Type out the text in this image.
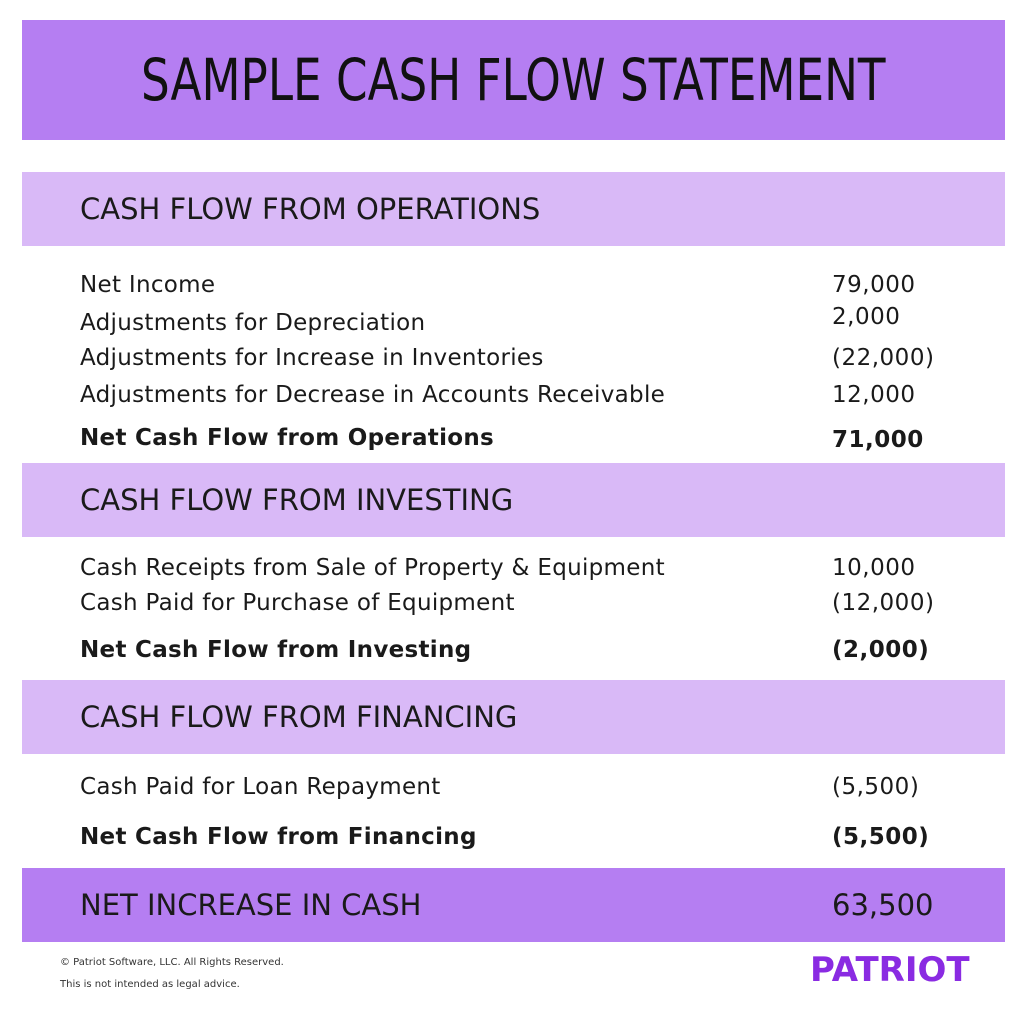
SAMPLE CASH FLOW STATEMENT
CASH FLOW FROM OPERATIONS
Net Income	79,000
Adjustments for Depreciation	2,000
Adjustments for Increase in Inventories	(22,000)
Adjustments for Decrease in Accounts Receivable	12,000
Net Cash Flow from Operations	71,000
CASH FLOW FROM INVESTING
Cash Receipts from Sale of Property & Equipment	10,000
Cash Paid for Purchase of Equipment	(12,000)
Net Cash Flow from Investing	(2,000)
CASH FLOW FROM FINANCING
Cash Paid for Loan Repayment	(5,500)
Net Cash Flow from Financing	(5,500)
NET INCREASE IN CASH	63,500
© Patriot Software, LLC. All Rights Reserved.
This is not intended as legal advice.	PATRIOT
